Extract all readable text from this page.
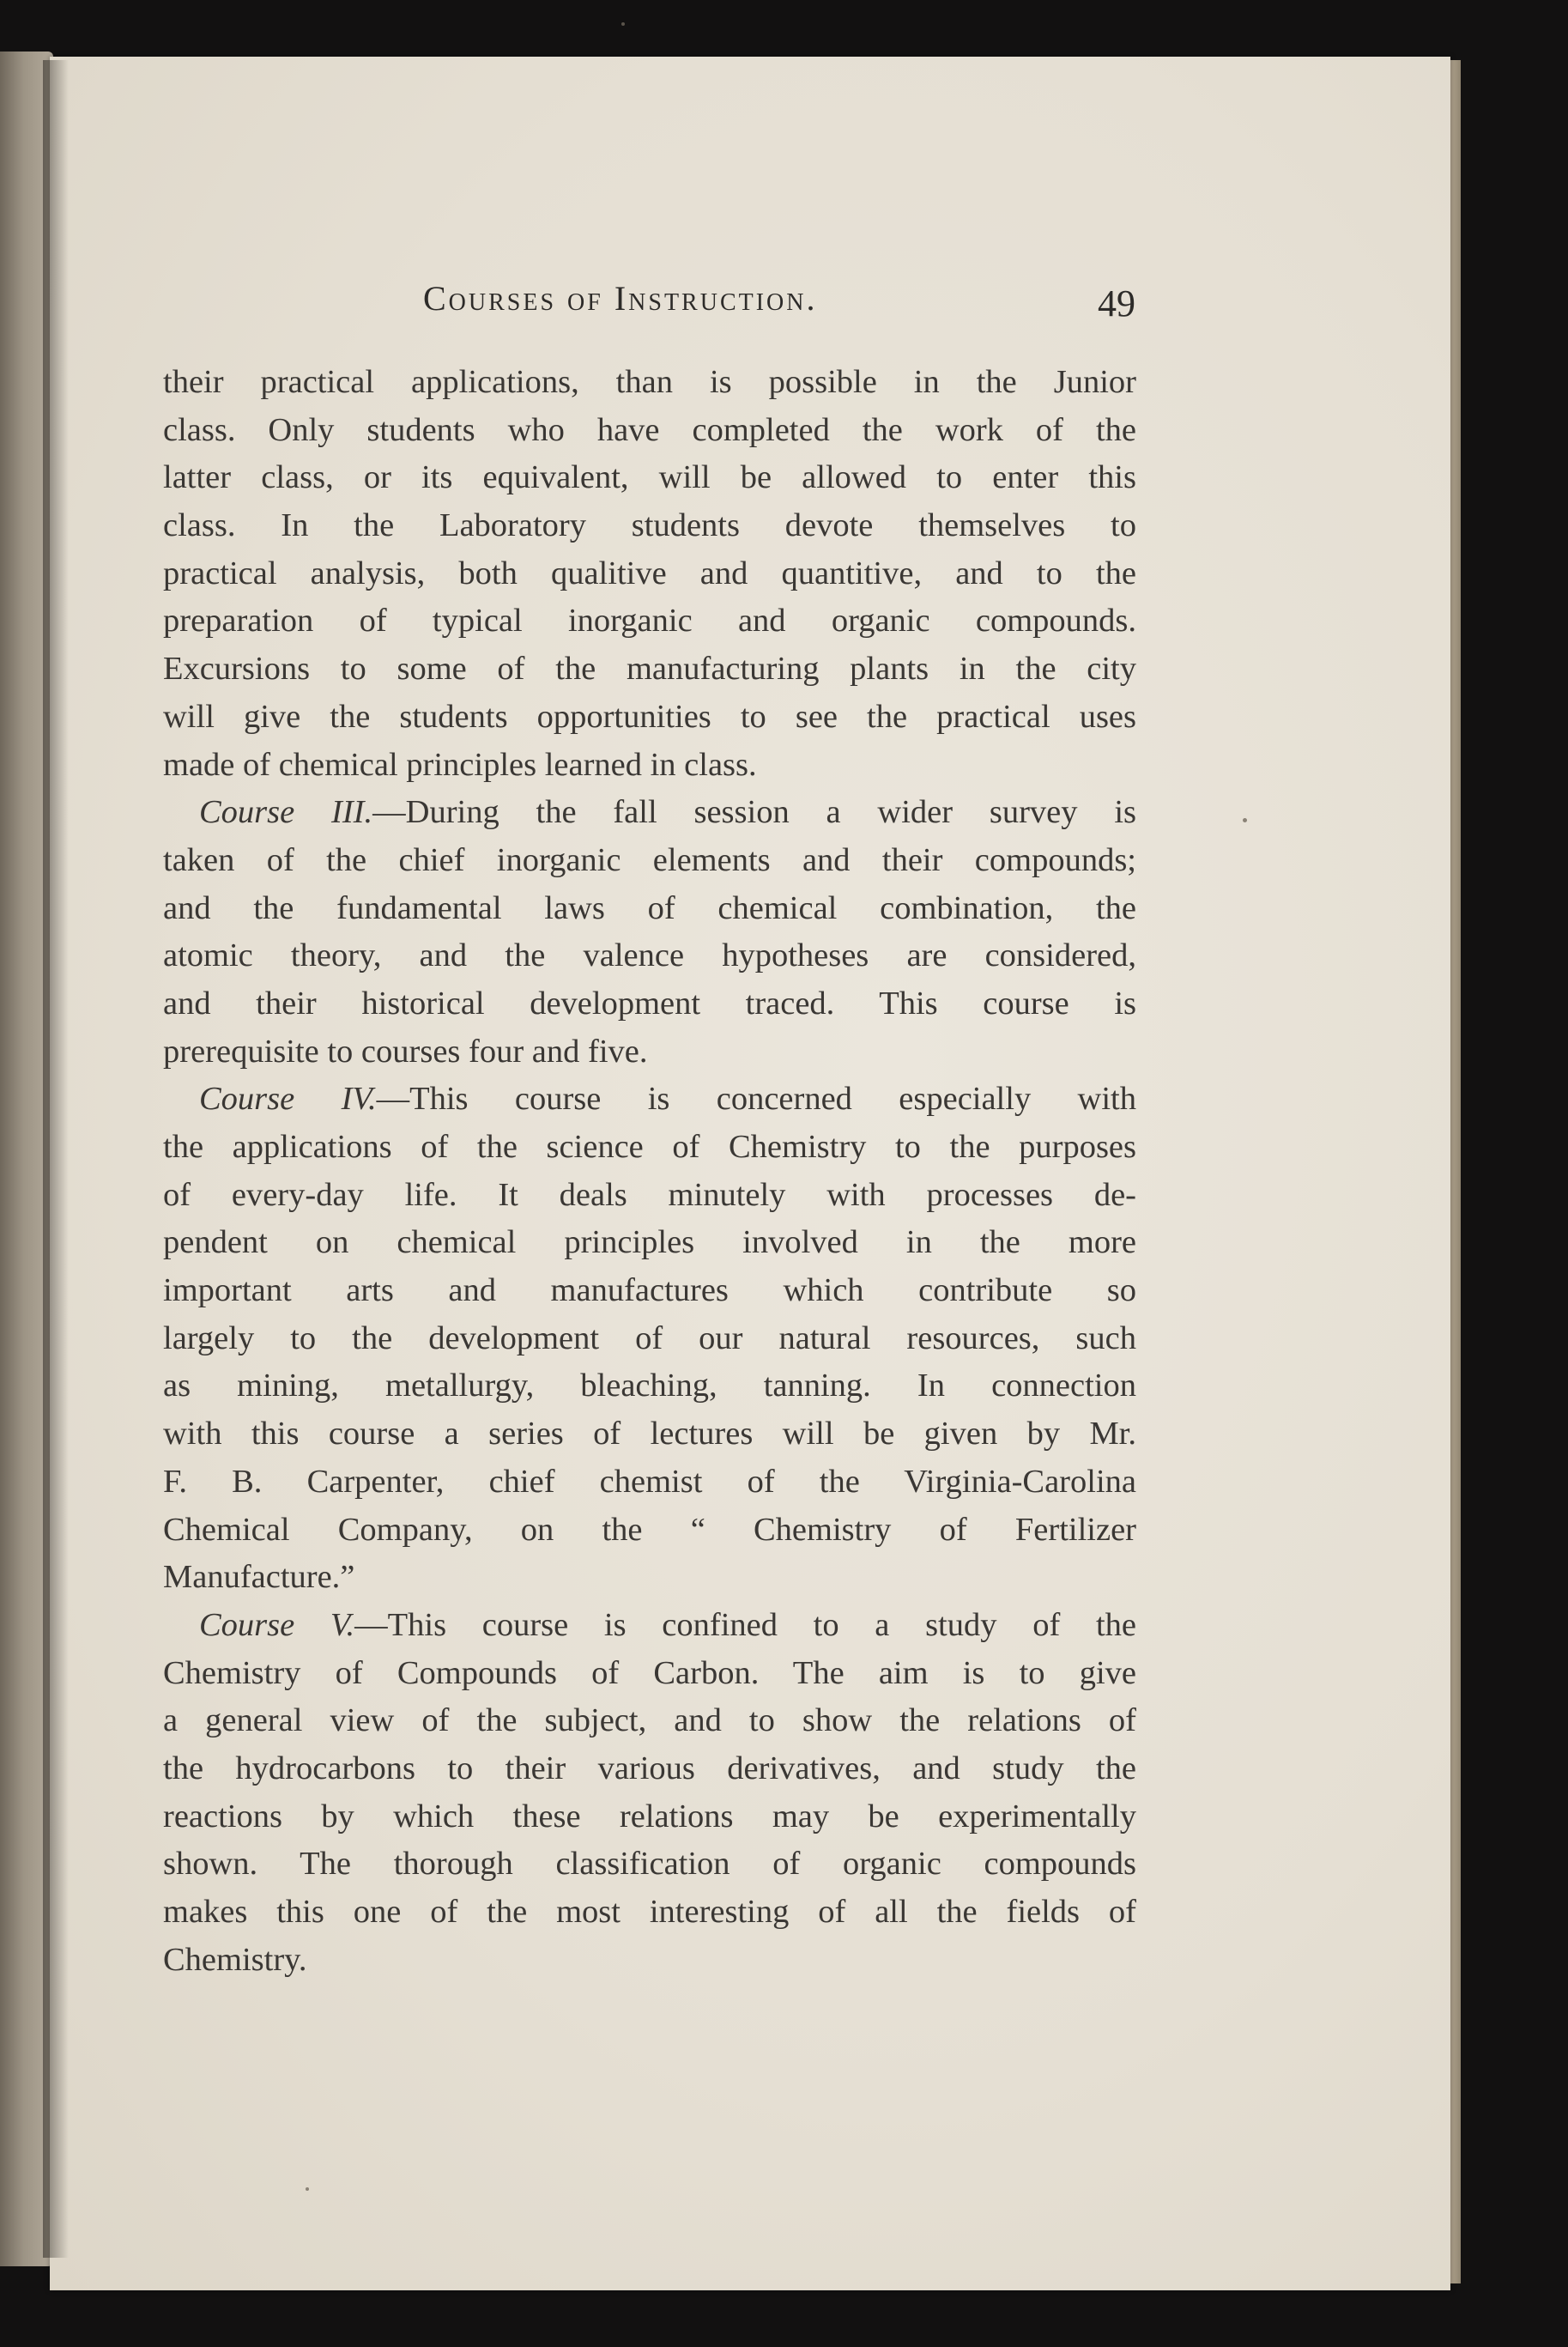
Courses of Instruction.	49
their practical applications, than is possible in the Junior
class. Only students who have completed the work of the
latter class, or its equivalent, will be allowed to enter this
class. In the Laboratory students devote themselves to
practical analysis, both qualitive and quantitive, and to the
preparation of typical inorganic and organic compounds.
Excursions to some of the manufacturing plants in the city
will give the students opportunities to see the practical uses
made of chemical principles learned in class.
Course III.—During the fall session a wider survey is
taken of the chief inorganic elements and their compounds;
and the fundamental laws of chemical combination, the
atomic theory, and the valence hypotheses are considered,
and their historical development traced. This course is
prerequisite to courses four and five.
Course IV.—This course is concerned especially with
the applications of the science of Chemistry to the purposes
of every-day life. It deals minutely with processes de-
pendent on chemical principles involved in the more
important arts and manufactures which contribute so
largely to the development of our natural resources, such
as mining, metallurgy, bleaching, tanning. In connection
with this course a series of lectures will be given by Mr.
F. B. Carpenter, chief chemist of the Virginia-Carolina
Chemical Company, on the “ Chemistry of Fertilizer
Manufacture.”
Course V.—This course is confined to a study of the
Chemistry of Compounds of Carbon. The aim is to give
a general view of the subject, and to show the relations of
the hydrocarbons to their various derivatives, and study the
reactions by which these relations may be experimentally
shown. The thorough classification of organic compounds
makes this one of the most interesting of all the fields of
Chemistry.
